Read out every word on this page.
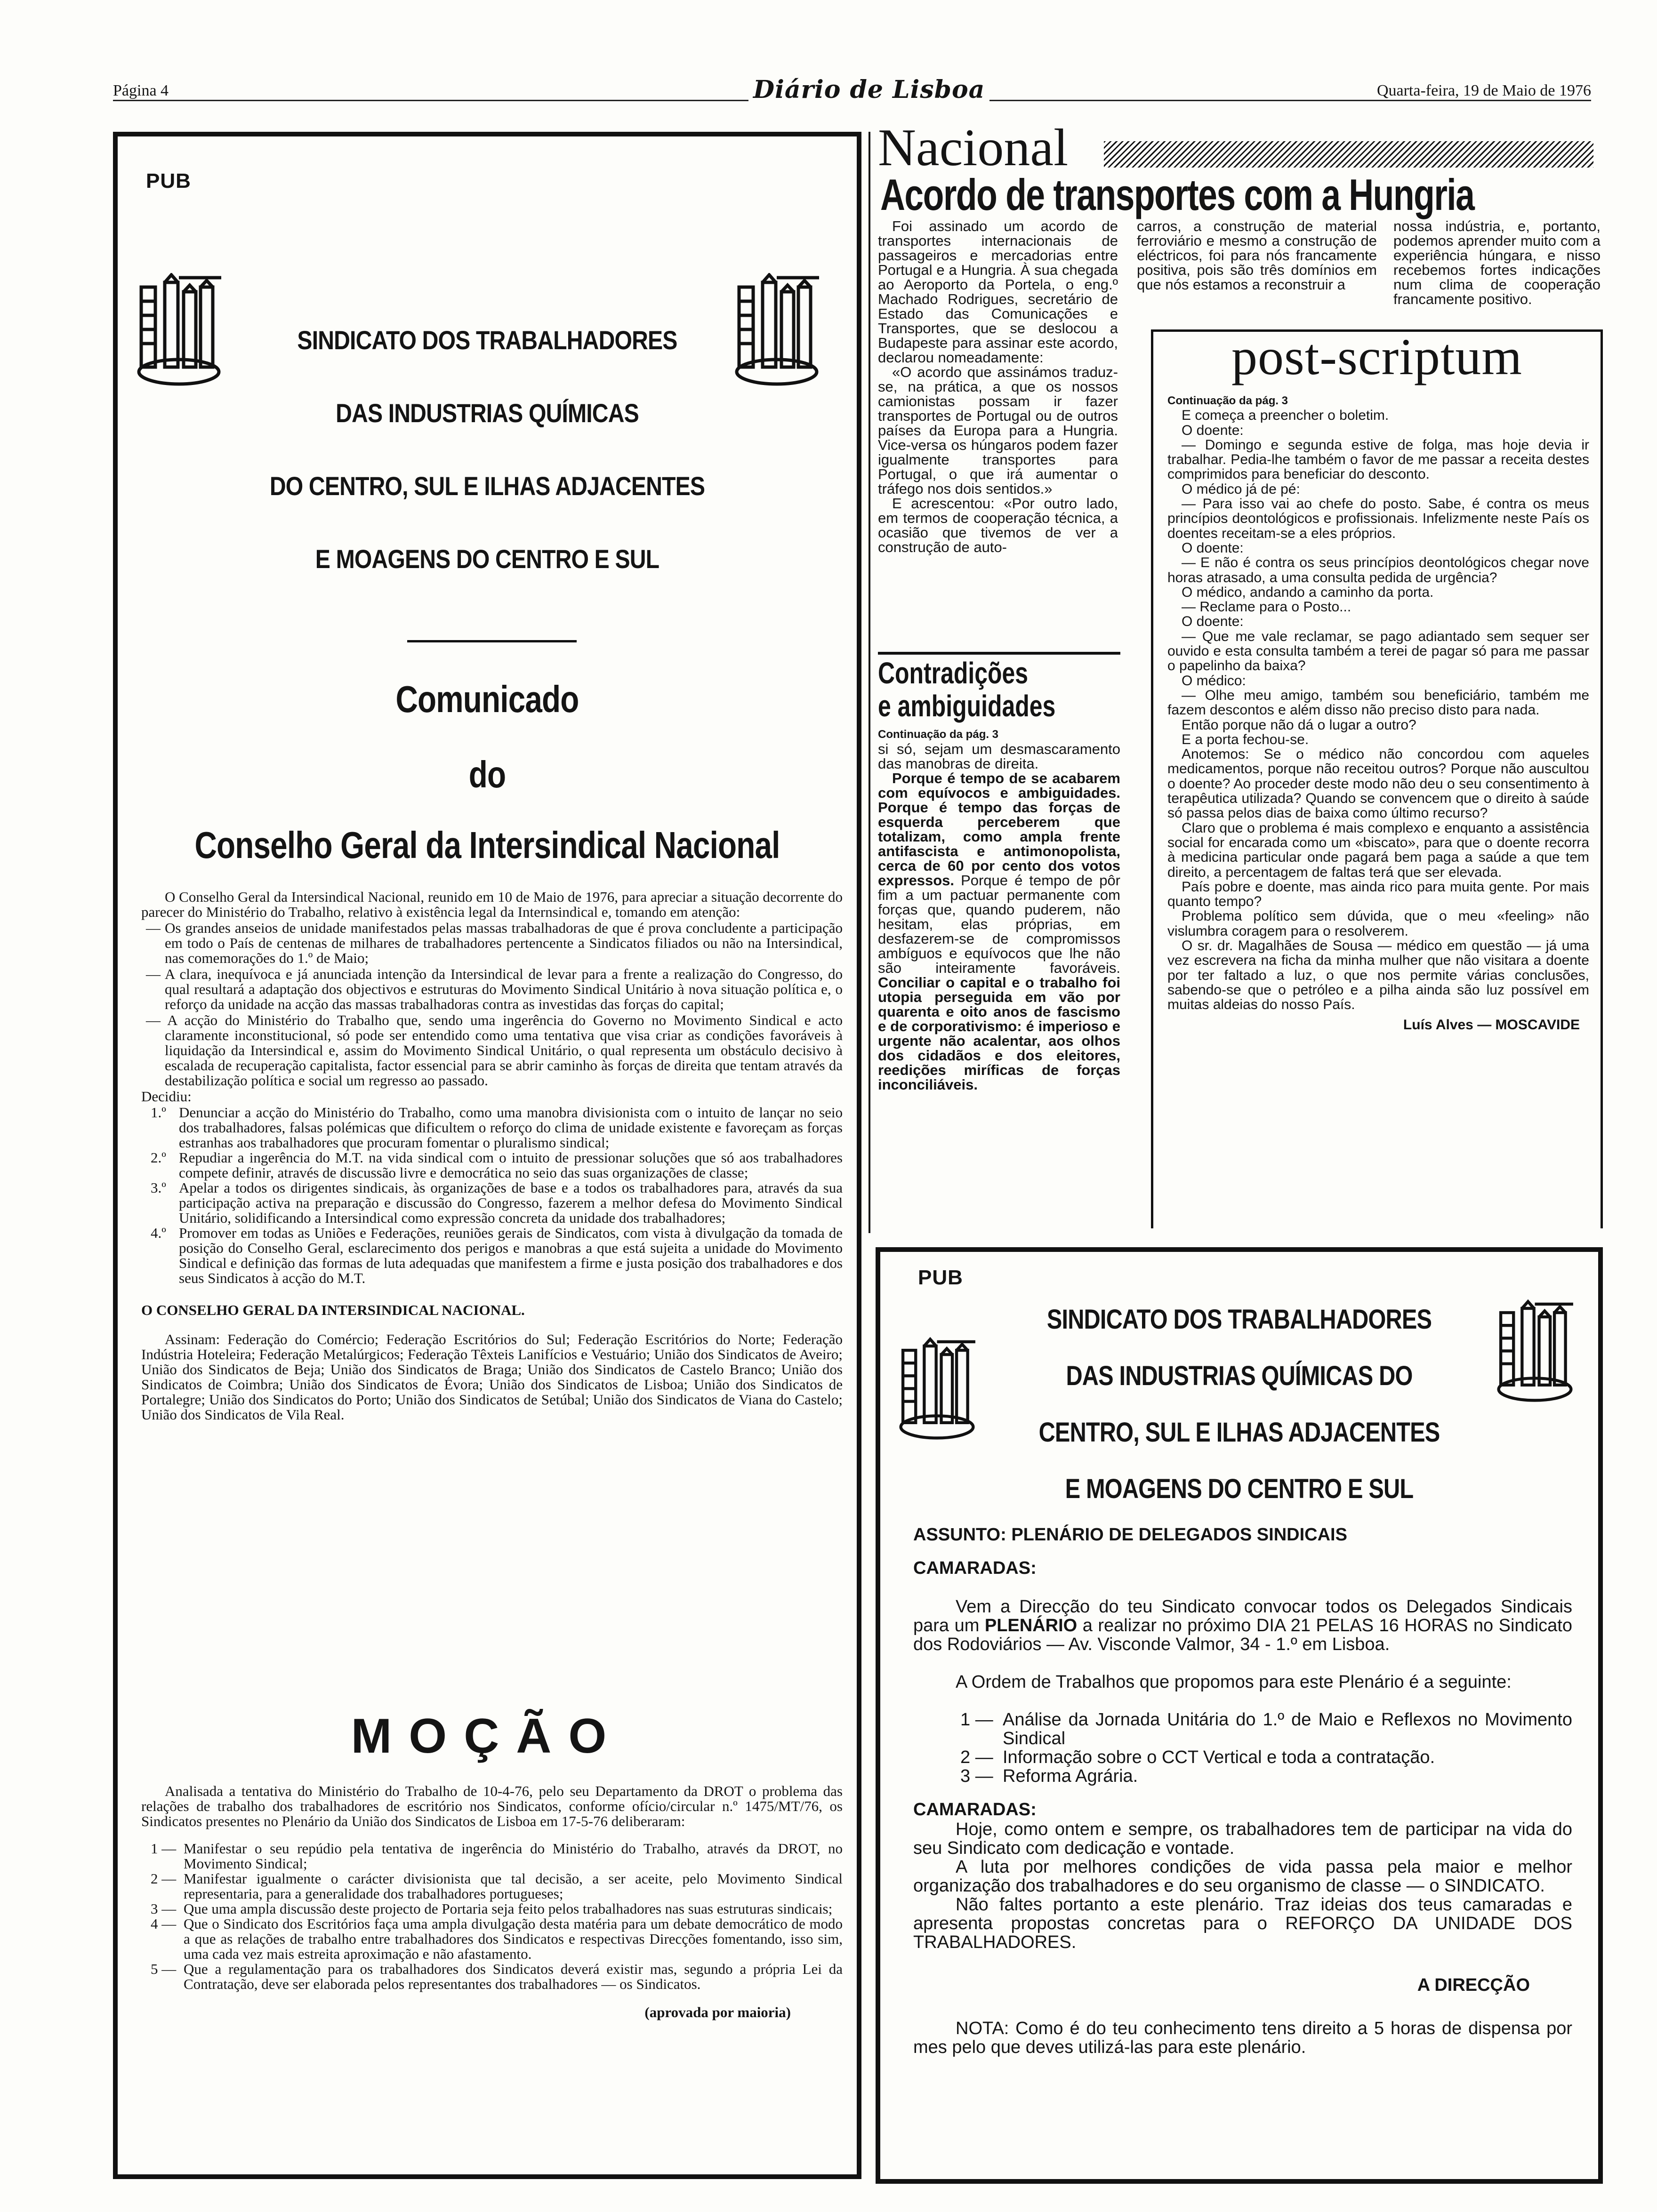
Página 4	Diário de Lisboa	Quarta-feira, 19 de Maio de 1976
PUB
SINDICATO DOS TRABALHADORES
DAS INDUSTRIAS QUÍMICAS
DO CENTRO, SUL E ILHAS ADJACENTES
E MOAGENS DO CENTRO E SUL
Comunicado
do
Conselho Geral da Intersindical Nacional

O Conselho Geral da Intersindical Nacional, reunido em 10 de Maio de 1976, para apreciar a situação decorrente do parecer do Ministério do Trabalho, relativo à existência legal da Internsindical e, tomando em atenção:

— Os grandes anseios de unidade manifestados pelas massas trabalhadoras de que é prova concludente a participação em todo o País de centenas de milhares de trabalhadores pertencente a Sindicatos filiados ou não na Intersindical, nas comemorações do 1.º de Maio;

— A clara, inequívoca e já anunciada intenção da Intersindical de levar para a frente a realização do Congresso, do qual resultará a adaptação dos objectivos e estruturas do Movimento Sindical Unitário à nova situação política e, o reforço da unidade na acção das massas trabalhadoras contra as investidas das forças do capital;

— A acção do Ministério do Trabalho que, sendo uma ingerência do Governo no Movimento Sindical e acto claramente inconstitucional, só pode ser entendido como uma tentativa que visa criar as condições favoráveis à liquidação da Intersindical e, assim do Movimento Sindical Unitário, o qual representa um obstáculo decisivo à escalada de recuperação capitalista, factor essencial para se abrir caminho às forças de direita que tentam através da destabilização política e social um regresso ao passado.

Decidiu:

1.º Denunciar a acção do Ministério do Trabalho, como uma manobra divisionista com o intuito de lançar no seio dos trabalhadores, falsas polémicas que dificultem o reforço do clima de unidade existente e favoreçam as forças estranhas aos trabalhadores que procuram fomentar o pluralismo sindical;
2.º Repudiar a ingerência do M.T. na vida sindical com o intuito de pressionar soluções que só aos trabalhadores compete definir, através de discussão livre e democrática no seio das suas organizações de classe;
3.º Apelar a todos os dirigentes sindicais, às organizações de base e a todos os trabalhadores para, através da sua participação activa na preparação e discussão do Congresso, fazerem a melhor defesa do Movimento Sindical Unitário, solidificando a Intersindical como expressão concreta da unidade dos trabalhadores;
4.º Promover em todas as Uniões e Federações, reuniões gerais de Sindicatos, com vista à divulgação da tomada de posição do Conselho Geral, esclarecimento dos perigos e manobras a que está sujeita a unidade do Movimento Sindical e definição das formas de luta adequadas que manifestem a firme e justa posição dos trabalhadores e dos seus Sindicatos à acção do M.T.

O CONSELHO GERAL DA INTERSINDICAL NACIONAL.

Assinam: Federação do Comércio; Federação Escritórios do Sul; Federação Escritórios do Norte; Federação Indústria Hoteleira; Federação Metalúrgicos; Federação Têxteis Lanifícios e Vestuário; União dos Sindicatos de Aveiro; União dos Sindicatos de Beja; União dos Sindicatos de Braga; União dos Sindicatos de Castelo Branco; União dos Sindicatos de Coimbra; União dos Sindicatos de Évora; União dos Sindicatos de Lisboa; União dos Sindicatos de Portalegre; União dos Sindicatos do Porto; União dos Sindicatos de Setúbal; União dos Sindicatos de Viana do Castelo; União dos Sindicatos de Vila Real.

MOÇÃO

Analisada a tentativa do Ministério do Trabalho de 10-4-76, pelo seu Departamento da DROT o problema das relações de trabalho dos trabalhadores de escritório nos Sindicatos, conforme ofício/circular n.º 1475/MT/76, os Sindicatos presentes no Plenário da União dos Sindicatos de Lisboa em 17-5-76 deliberaram:

1 — Manifestar o seu repúdio pela tentativa de ingerência do Ministério do Trabalho, através da DROT, no Movimento Sindical;
2 — Manifestar igualmente o carácter divisionista que tal decisão, a ser aceite, pelo Movimento Sindical representaria, para a generalidade dos trabalhadores portugueses;
3 — Que uma ampla discussão deste projecto de Portaria seja feito pelos trabalhadores nas suas estruturas sindicais;
4 — Que o Sindicato dos Escritórios faça uma ampla divulgação desta matéria para um debate democrático de modo a que as relações de trabalho entre trabalhadores dos Sindicatos e respectivas Direcções fomentando, isso sim, uma cada vez mais estreita aproximação e não afastamento.
5 — Que a regulamentação para os trabalhadores dos Sindicatos deverá existir mas, segundo a própria Lei da Contratação, deve ser elaborada pelos representantes dos trabalhadores — os Sindicatos.

(aprovada por maioria)

Nacional
Acordo de transportes com a Hungria

Foi assinado um acordo de transportes internacionais de passageiros e mercadorias entre Portugal e a Hungria. À sua chegada ao Aeroporto da Portela, o eng.º Machado Rodrigues, secretário de Estado das Comunicações e Transportes, que se deslocou a Budapeste para assinar este acordo, declarou nomeadamente:

«O acordo que assinámos traduz-se, na prática, a que os nossos camionistas possam ir fazer transportes de Portugal ou de outros países da Europa para a Hungria. Vice-versa os húngaros podem fazer igualmente transportes para Portugal, o que irá aumentar o tráfego nos dois sentidos.»

E acrescentou: «Por outro lado, em termos de cooperação técnica, a ocasião que tivemos de ver a construção de auto-

carros, a construção de material ferroviário e mesmo a construção de eléctricos, foi para nós francamente positiva, pois são três domínios em que nós estamos a reconstruir a

nossa indústria, e, portanto, podemos aprender muito com a experiência húngara, e nisso recebemos fortes indicações num clima de cooperação francamente positivo.

Contradições
e ambiguidades
Continuação da pág. 3

si só, sejam um desmascaramento das manobras de direita.

Porque é tempo de se acabarem com equívocos e ambiguidades. Porque é tempo das forças de esquerda perceberem que totalizam, como ampla frente antifascista e antimonopolista, cerca de 60 por cento dos votos expressos. Porque é tempo de pôr fim a um pactuar permanente com forças que, quando puderem, não hesitam, elas próprias, em desfazerem-se de compromissos ambíguos e equívocos que lhe não são inteiramente favoráveis. Conciliar o capital e o trabalho foi utopia perseguida em vão por quarenta e oito anos de fascismo e de corporativismo: é imperioso e urgente não acalentar, aos olhos dos cidadãos e dos eleitores, reedições miríficas de forças inconciliáveis.

post-scriptum
Continuação da pág. 3

E começa a preencher o boletim.

O doente:

— Domingo e segunda estive de folga, mas hoje devia ir trabalhar. Pedia-lhe também o favor de me passar a receita destes comprimidos para beneficiar do desconto.

O médico já de pé:

— Para isso vai ao chefe do posto. Sabe, é contra os meus princípios deontológicos e profissionais. Infelizmente neste País os doentes receitam-se a eles próprios.

O doente:

— E não é contra os seus princípios deontológicos chegar nove horas atrasado, a uma consulta pedida de urgência?

O médico, andando a caminho da porta.

— Reclame para o Posto...

O doente:

— Que me vale reclamar, se pago adiantado sem sequer ser ouvido e esta consulta também a terei de pagar só para me passar o papelinho da baixa?

O médico:

— Olhe meu amigo, também sou beneficiário, também me fazem descontos e além disso não preciso disto para nada.

Então porque não dá o lugar a outro?

E a porta fechou-se.

Anotemos: Se o médico não concordou com aqueles medicamentos, porque não receitou outros? Porque não auscultou o doente? Ao proceder deste modo não deu o seu consentimento à terapêutica utilizada? Quando se convencem que o direito à saúde só passa pelos dias de baixa como último recurso?

Claro que o problema é mais complexo e enquanto a assistência social for encarada como um «biscato», para que o doente recorra à medicina particular onde pagará bem paga a saúde a que tem direito, a percentagem de faltas terá que ser elevada.

País pobre e doente, mas ainda rico para muita gente. Por mais quanto tempo?

Problema político sem dúvida, que o meu «feeling» não vislumbra coragem para o resolverem.

O sr. dr. Magalhães de Sousa — médico em questão — já uma vez escrevera na ficha da minha mulher que não visitara a doente por ter faltado a luz, o que nos permite várias conclusões, sabendo-se que o petróleo e a pilha ainda são luz possível em muitas aldeias do nosso País.

Luís Alves — MOSCAVIDE

PUB
SINDICATO DOS TRABALHADORES
DAS INDUSTRIAS QUÍMICAS DO
CENTRO, SUL E ILHAS ADJACENTES
E MOAGENS DO CENTRO E SUL

ASSUNTO: PLENÁRIO DE DELEGADOS SINDICAIS

CAMARADAS:

Vem a Direcção do teu Sindicato convocar todos os Delegados Sindicais para um PLENÁRIO a realizar no próximo DIA 21 PELAS 16 HORAS no Sindicato dos Rodoviários — Av. Visconde Valmor, 34 - 1.º em Lisboa.

A Ordem de Trabalhos que propomos para este Plenário é a seguinte:

1 — Análise da Jornada Unitária do 1.º de Maio e Reflexos no Movimento Sindical
2 — Informação sobre o CCT Vertical e toda a contratação.
3 — Reforma Agrária.

CAMARADAS:

Hoje, como ontem e sempre, os trabalhadores tem de participar na vida do seu Sindicato com dedicação e vontade.

A luta por melhores condições de vida passa pela maior e melhor organização dos trabalhadores e do seu organismo de classe — o SINDICATO.

Não faltes portanto a este plenário. Traz ideias dos teus camaradas e apresenta propostas concretas para o REFORÇO DA UNIDADE DOS TRABALHADORES.

A DIRECÇÃO

NOTA: Como é do teu conhecimento tens direito a 5 horas de dispensa por mes pelo que deves utilizá-las para este plenário.
